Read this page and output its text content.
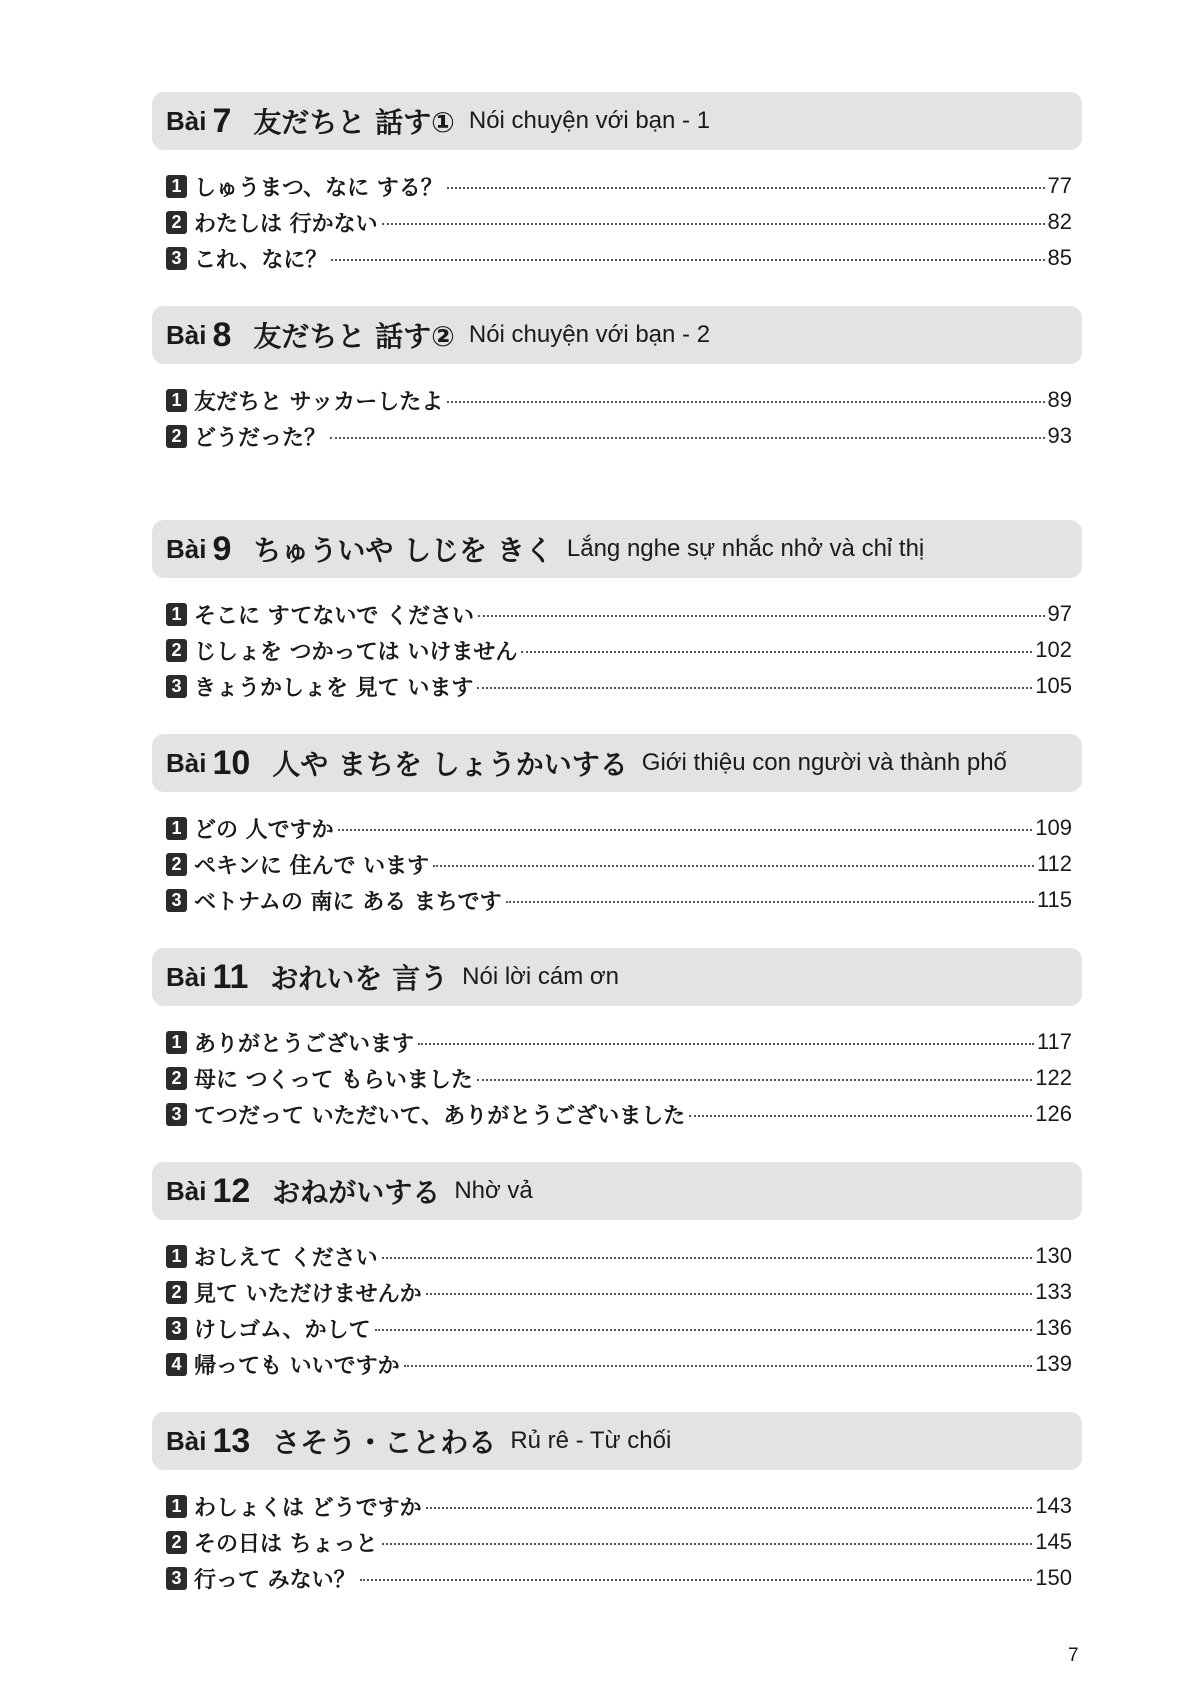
Bài 7 友だちと 話す① Nói chuyện với bạn - 1
1 しゅうまつ、なに する？	77
2 わたしは 行かない	82
3 これ、なに？	85
Bài 8 友だちと 話す② Nói chuyện với bạn - 2
1 友だちと サッカーしたよ	89
2 どうだった？	93
Bài 9 ちゅういや しじを きく Lắng nghe sự nhắc nhở và chỉ thị
1 そこに すてないで ください	97
2 じしょを つかっては いけません	102
3 きょうかしょを 見て います	105
Bài 10 人や まちを しょうかいする Giới thiệu con người và thành phố
1 どの 人ですか	109
2 ペキンに 住んで います	112
3 ベトナムの 南に ある まちです	115
Bài 11 おれいを 言う Nói lời cám ơn
1 ありがとうございます	117
2 母に つくって もらいました	122
3 てつだって いただいて、ありがとうございました	126
Bài 12 おねがいする Nhờ vả
1 おしえて ください	130
2 見て いただけませんか	133
3 けしゴム、かして	136
4 帰っても いいですか	139
Bài 13 さそう・ことわる Rủ rê - Từ chối
1 わしょくは どうですか	143
2 その日は ちょっと	145
3 行って みない？	150
7
